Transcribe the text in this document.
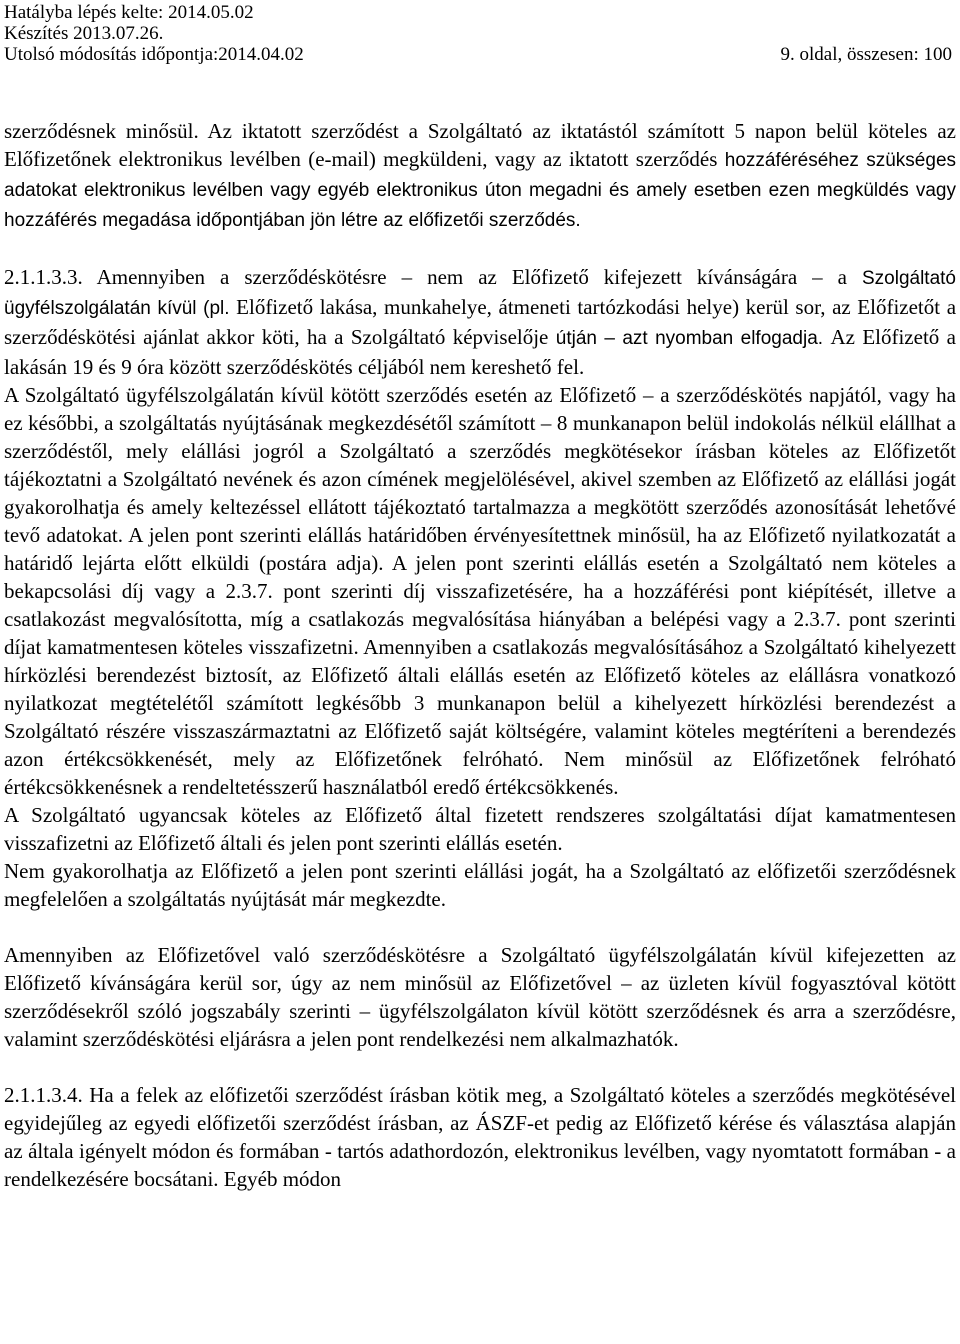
Hatályba lépés kelte: 2014.05.02
Készítés 2013.07.26.
Utolsó módosítás időpontja:2014.04.02	9. oldal, összesen: 100

szerződésnek minősül. Az iktatott szerződést a Szolgáltató az iktatástól számított 5 napon belül köteles az Előfizetőnek elektronikus levélben (e-mail) megküldeni, vagy az iktatott szerződés hozzáféréséhez szükséges adatokat elektronikus levélben vagy egyéb elektronikus úton megadni és amely esetben ezen megküldés vagy hozzáférés megadása időpontjában jön létre az előfizetői szerződés.

2.1.1.3.3. Amennyiben a szerződéskötésre – nem az Előfizető kifejezett kívánságára – a Szolgáltató ügyfélszolgálatán kívül (pl. Előfizető lakása, munkahelye, átmeneti tartózkodási helye) kerül sor, az Előfizetőt a szerződéskötési ajánlat akkor köti, ha a Szolgáltató képviselője útján – azt nyomban elfogadja. Az Előfizető a lakásán 19 és 9 óra között szerződéskötés céljából nem kereshető fel.

A Szolgáltató ügyfélszolgálatán kívül kötött szerződés esetén az Előfizető – a szerződéskötés napjától, vagy ha ez későbbi, a szolgáltatás nyújtásának megkezdésétől számított – 8 munkanapon belül indokolás nélkül elállhat a szerződéstől, mely elállási jogról a Szolgáltató a szerződés megkötésekor írásban köteles az Előfizetőt tájékoztatni a Szolgáltató nevének és azon címének megjelölésével, akivel szemben az Előfizető az elállási jogát gyakorolhatja és amely keltezéssel ellátott tájékoztató tartalmazza a megkötött szerződés azonosítását lehetővé tevő adatokat. A jelen pont szerinti elállás határidőben érvényesítettnek minősül, ha az Előfizető nyilatkozatát a határidő lejárta előtt elküldi (postára adja). A jelen pont szerinti elállás esetén a Szolgáltató nem köteles a bekapcsolási díj vagy a 2.3.7. pont szerinti díj visszafizetésére, ha a hozzáférési pont kiépítését, illetve a csatlakozást megvalósította, míg a csatlakozás megvalósítása hiányában a belépési vagy a 2.3.7. pont szerinti díjat kamatmentesen köteles visszafizetni. Amennyiben a csatlakozás megvalósításához a Szolgáltató kihelyezett hírközlési berendezést biztosít, az Előfizető általi elállás esetén az Előfizető köteles az elállásra vonatkozó nyilatkozat megtételétől számított legkésőbb 3 munkanapon belül a kihelyezett hírközlési berendezést a Szolgáltató részére visszaszármaztatni az Előfizető saját költségére, valamint köteles megtéríteni a berendezés azon értékcsökkenését, mely az Előfizetőnek felróható. Nem minősül az Előfizetőnek felróható értékcsökkenésnek a rendeltetésszerű használatból eredő értékcsökkenés.

A Szolgáltató ugyancsak köteles az Előfizető által fizetett rendszeres szolgáltatási díjat kamatmentesen visszafizetni az Előfizető általi és jelen pont szerinti elállás esetén.

Nem gyakorolhatja az Előfizető a jelen pont szerinti elállási jogát, ha a Szolgáltató az előfizetői szerződésnek megfelelően a szolgáltatás nyújtását már megkezdte.

Amennyiben az Előfizetővel való szerződéskötésre a Szolgáltató ügyfélszolgálatán kívül kifejezetten az Előfizető kívánságára kerül sor, úgy az nem minősül az Előfizetővel – az üzleten kívül fogyasztóval kötött szerződésekről szóló jogszabály szerinti – ügyfélszolgálaton kívül kötött szerződésnek és arra a szerződésre, valamint szerződéskötési eljárásra a jelen pont rendelkezési nem alkalmazhatók.

2.1.1.3.4. Ha a felek az előfizetői szerződést írásban kötik meg, a Szolgáltató köteles a szerződés megkötésével egyidejűleg az egyedi előfizetői szerződést írásban, az ÁSZF-et pedig az Előfizető kérése és választása alapján az általa igényelt módon és formában - tartós adathordozón, elektronikus levélben, vagy nyomtatott formában - a rendelkezésére bocsátani. Egyéb módon
